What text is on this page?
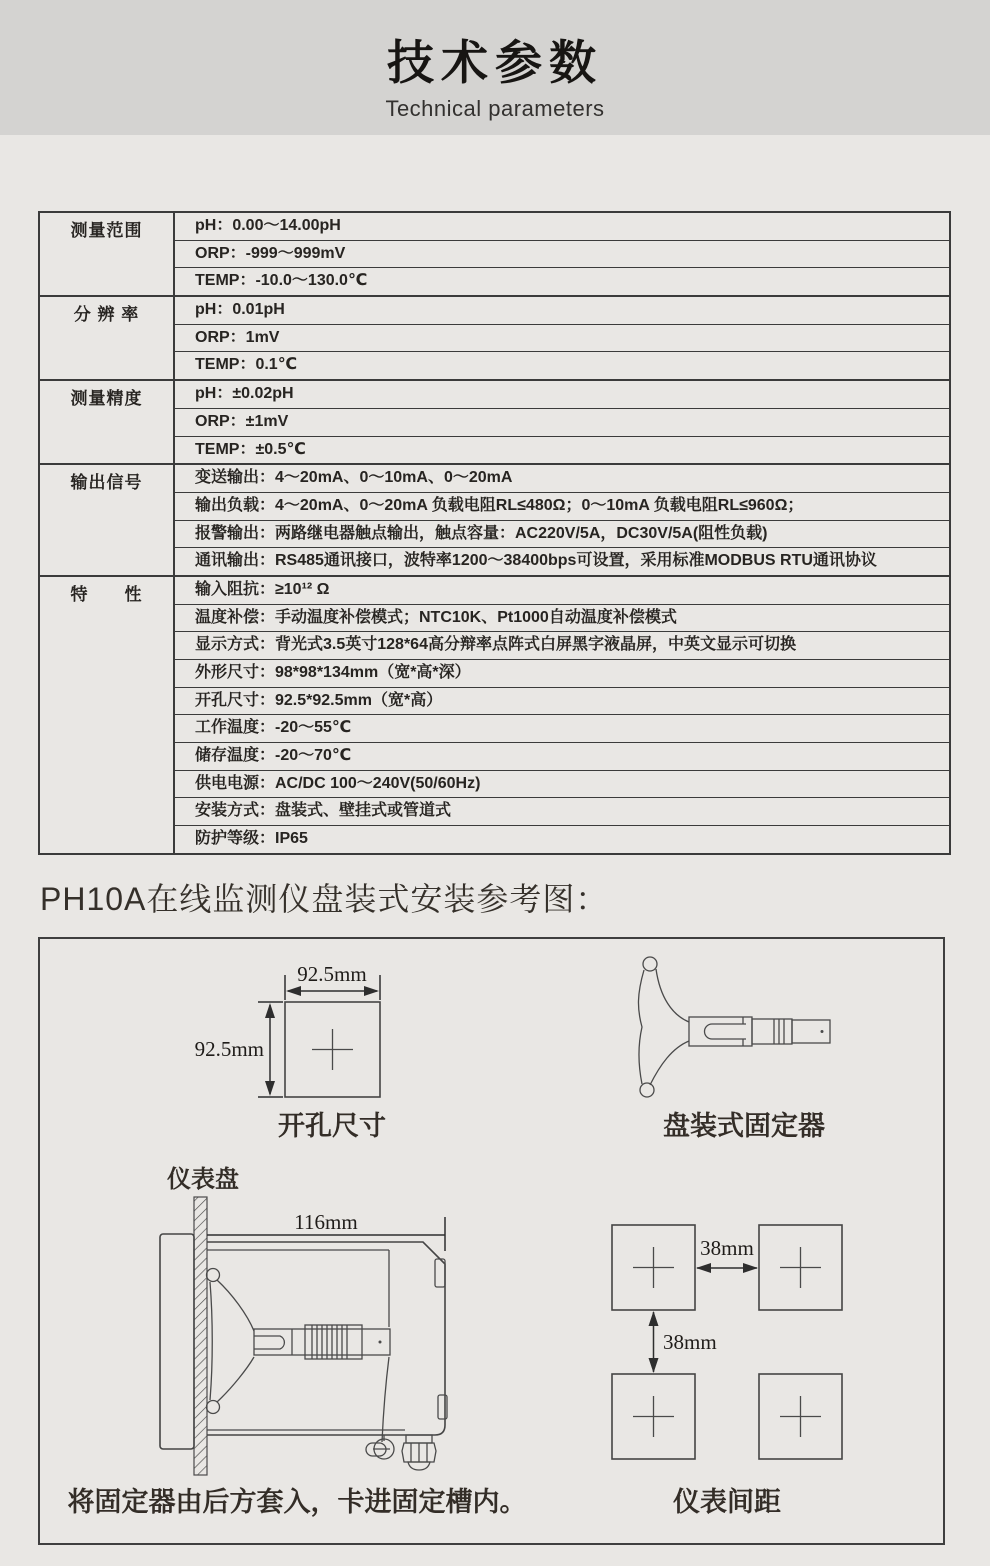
技术参数
Technical parameters
测量范围	pH：0.00～14.00pH
ORP：-999～999mV
TEMP：-10.0～130.0℃
分 辨 率	pH：0.01pH
ORP：1mV
TEMP：0.1℃
测量精度	pH：±0.02pH
ORP：±1mV
TEMP：±0.5℃
输出信号	变送输出：4～20mA、0～10mA、0～20mA
输出负载：4～20mA、0～20mA 负载电阻RL≤480Ω；0～10mA 负载电阻RL≤960Ω；
报警输出：两路继电器触点输出，触点容量：AC220V/5A，DC30V/5A(阻性负载)
通讯输出：RS485通讯接口，波特率1200～38400bps可设置，采用标准MODBUS RTU通讯协议
特　　性	输入阻抗：≥10¹² Ω
温度补偿：手动温度补偿模式；NTC10K、Pt1000自动温度补偿模式
显示方式：背光式3.5英寸128*64高分辩率点阵式白屏黑字液晶屏，中英文显示可切换
外形尺寸：98*98*134mm（宽*高*深）
开孔尺寸：92.5*92.5mm（宽*高）
工作温度：-20～55℃
储存温度：-20～70℃
供电电源：AC/DC 100～240V(50/60Hz)
安装方式：盘装式、壁挂式或管道式
防护等级：IP65
PH10A在线监测仪盘装式安装参考图：
92.5mm
92.5mm
开孔尺寸	盘装式固定器
仪表盘
116mm
将固定器由后方套入，卡进固定槽内。
38mm
38mm
仪表间距
